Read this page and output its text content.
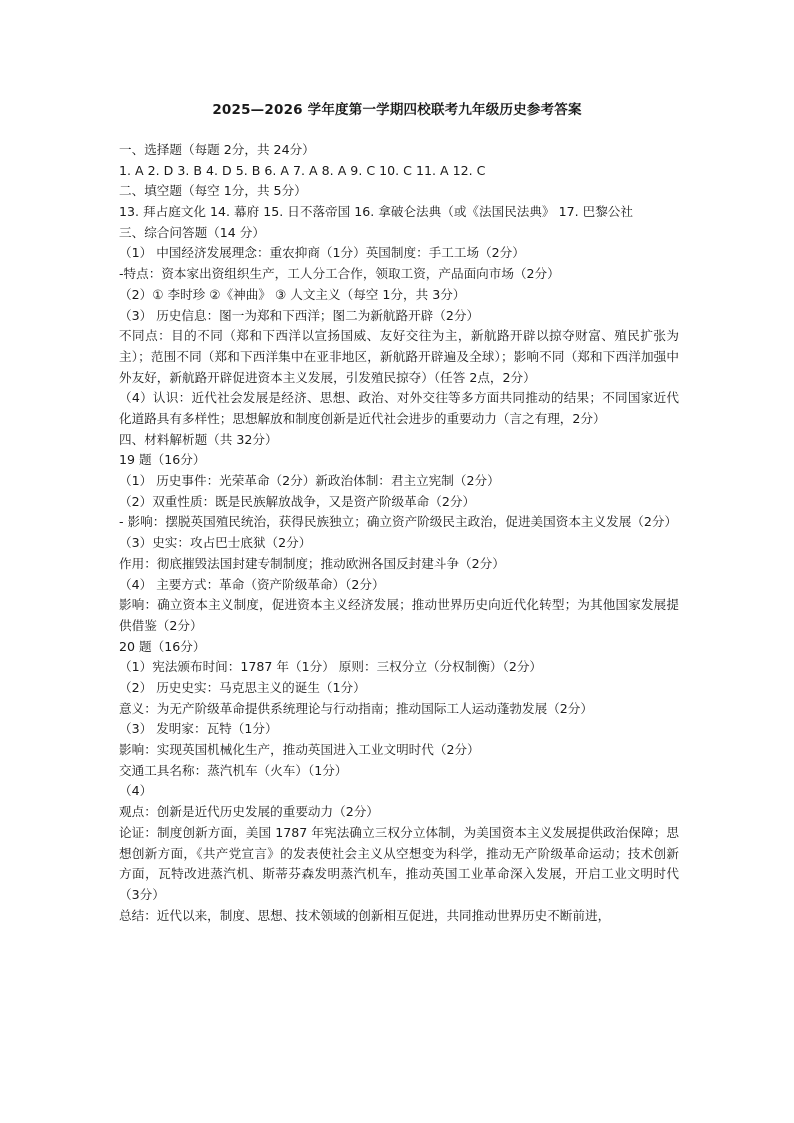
2025—2026 学年度第一学期四校联考九年级历史参考答案
一、选择题（每题 2分，共 24分）
1. A 2. D 3. B 4. D 5. B 6. A 7. A 8. A 9. C 10. C 11. A 12. C
二、填空题（每空 1分，共 5分）
13. 拜占庭文化 14. 幕府 15. 日不落帝国 16. 拿破仑法典（或《法国民法典》 17. 巴黎公社
三、综合问答题（14 分）
（1） 中国经济发展理念：重农抑商（1分）英国制度：手工工场（2分）
-特点：资本家出资组织生产，工人分工合作，领取工资，产品面向市场（2分）
（2）① 李时珍 ②《神曲》 ③ 人文主义（每空 1分，共 3分）
（3） 历史信息：图一为郑和下西洋；图二为新航路开辟（2分）
不同点：目的不同（郑和下西洋以宣扬国威、友好交往为主，新航路开辟以掠夺财富、殖民扩张为主）；范围不同（郑和下西洋集中在亚非地区，新航路开辟遍及全球）；影响不同（郑和下西洋加强中外友好，新航路开辟促进资本主义发展，引发殖民掠夺）（任答 2点，2分）
（4）认识：近代社会发展是经济、思想、政治、对外交往等多方面共同推动的结果；不同国家近代化道路具有多样性；思想解放和制度创新是近代社会进步的重要动力（言之有理，2分）
四、材料解析题（共 32分）
19 题（16分）
（1） 历史事件：光荣革命（2分）新政治体制：君主立宪制（2分）
（2）双重性质：既是民族解放战争，又是资产阶级革命（2分）
- 影响：摆脱英国殖民统治，获得民族独立；确立资产阶级民主政治，促进美国资本主义发展（2分）
（3）史实：攻占巴士底狱（2分）
作用：彻底摧毁法国封建专制制度；推动欧洲各国反封建斗争（2分）
（4） 主要方式：革命（资产阶级革命）（2分）
影响：确立资本主义制度，促进资本主义经济发展；推动世界历史向近代化转型；为其他国家发展提供借鉴（2分）
20 题（16分）
（1）宪法颁布时间：1787 年（1分） 原则：三权分立（分权制衡）（2分）
（2） 历史史实：马克思主义的诞生（1分）
意义：为无产阶级革命提供系统理论与行动指南；推动国际工人运动蓬勃发展（2分）
（3） 发明家：瓦特（1分）
影响：实现英国机械化生产，推动英国进入工业文明时代（2分）
交通工具名称：蒸汽机车（火车）（1分）
（4）
观点：创新是近代历史发展的重要动力（2分）
论证：制度创新方面，美国 1787 年宪法确立三权分立体制，为美国资本主义发展提供政治保障；思想创新方面，《共产党宣言》的发表使社会主义从空想变为科学，推动无产阶级革命运动；技术创新方面，瓦特改进蒸汽机、斯蒂芬森发明蒸汽机车，推动英国工业革命深入发展，开启工业文明时代（3分）
总结：近代以来，制度、思想、技术领域的创新相互促进，共同推动世界历史不断前进，
